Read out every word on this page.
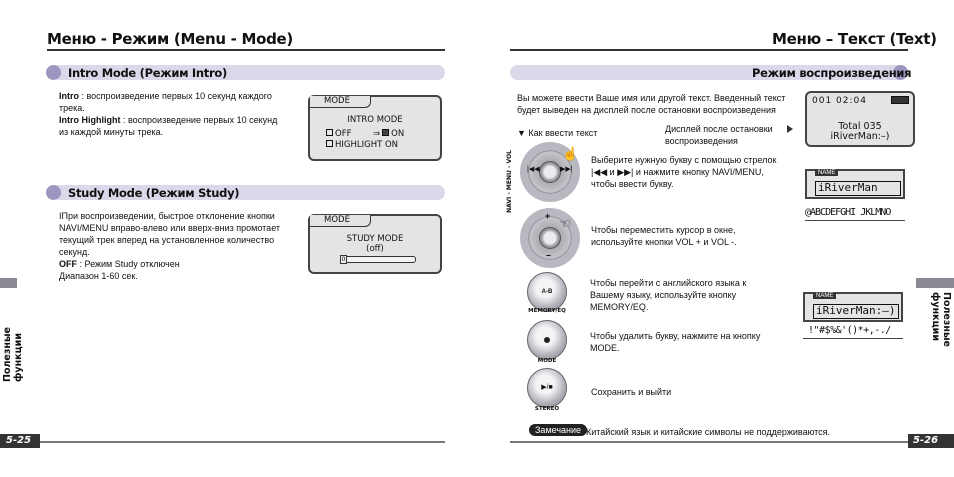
Меню - Режим (Menu - Mode)
Intro Mode (Режим Intro)
Intro : воспроизведение первых 10 секунд каждого
трека.
Intro Highlight : воспроизведение первых 10 секунд
из каждой минуты трека.
MODE
INTRO MODE
OFF	⇒ ON
HIGHLIGHT ON
Study Mode (Режим Study)
IПри воспроизведении, быстрое отклонение кнопки
NAVI/MENU вправо-влево или вверх-вниз промотает
текущий трек вперед на установленное количество
секунд.
OFF : Режим Study отключен
Диапазон 1-60 сек.
MODE
STUDY MODE
(off)
0
Полезные функции
5-25
Меню – Текст (Text)
Режим воспроизведения
Вы можете ввести Ваше имя или другой текст. Введенный текст
будет выведен на дисплей после остановки воспроизведения
▼ Как ввести текст	Дисплей после остановки
воспроизведения
001 02:04
Total 035
iRiverMan:–)
|◀◀	▶▶|
NAVI - MENU - VOL	☝ Выберите нужную букву с помощью стрелок
|◀◀ и ▶▶| и нажмите кнопку NAVI/MENU,
чтобы ввести букву.
NAME
iRiverMan
@ABCDEFGHI JKLMNO
+
–
☜ Чтобы переместить курсор в окне,
используйте кнопки VOL + и VOL -.
A-B
MEMORY/EQ
Чтобы перейти с английского языка к
Вашему языку, используйте кнопку
MEMORY/EQ.
NAME
iRiverMan:–)
!"#$%&'()*+,-./
MODE
Чтобы удалить букву, нажмите на кнопку
MODE.
▶/■
STEREO
Сохранить и выйти
Замечание Китайский язык и китайские символы не поддерживаются.
Полезные функции
5-26
